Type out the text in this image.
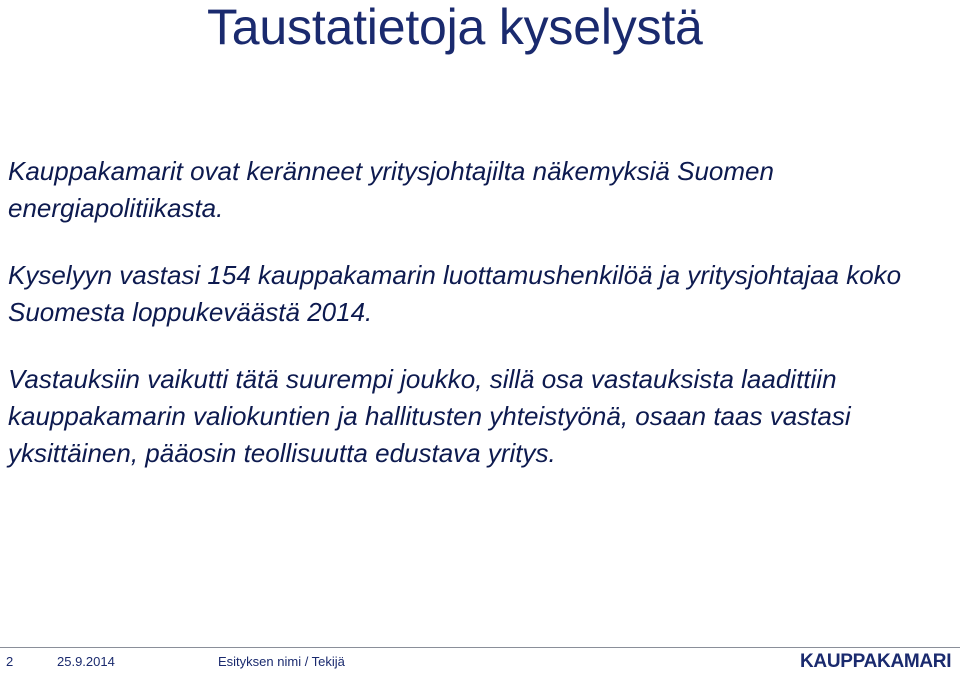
Taustatietoja kyselystä

Kauppakamarit ovat keränneet yritysjohtajilta näkemyksiä Suomen energiapolitiikasta.

Kyselyyn vastasi 154 kauppakamarin luottamushenkilöä ja yritysjohtajaa koko Suomesta loppukeväästä 2014.

Vastauksiin vaikutti tätä suurempi joukko, sillä osa vastauksista laadittiin kauppakamarin valiokuntien ja hallitusten yhteistyönä, osaan taas vastasi yksittäinen, pääosin teollisuutta edustava yritys.

2	25.9.2014	Esityksen nimi / Tekijä	KAUPPAKAMARI
